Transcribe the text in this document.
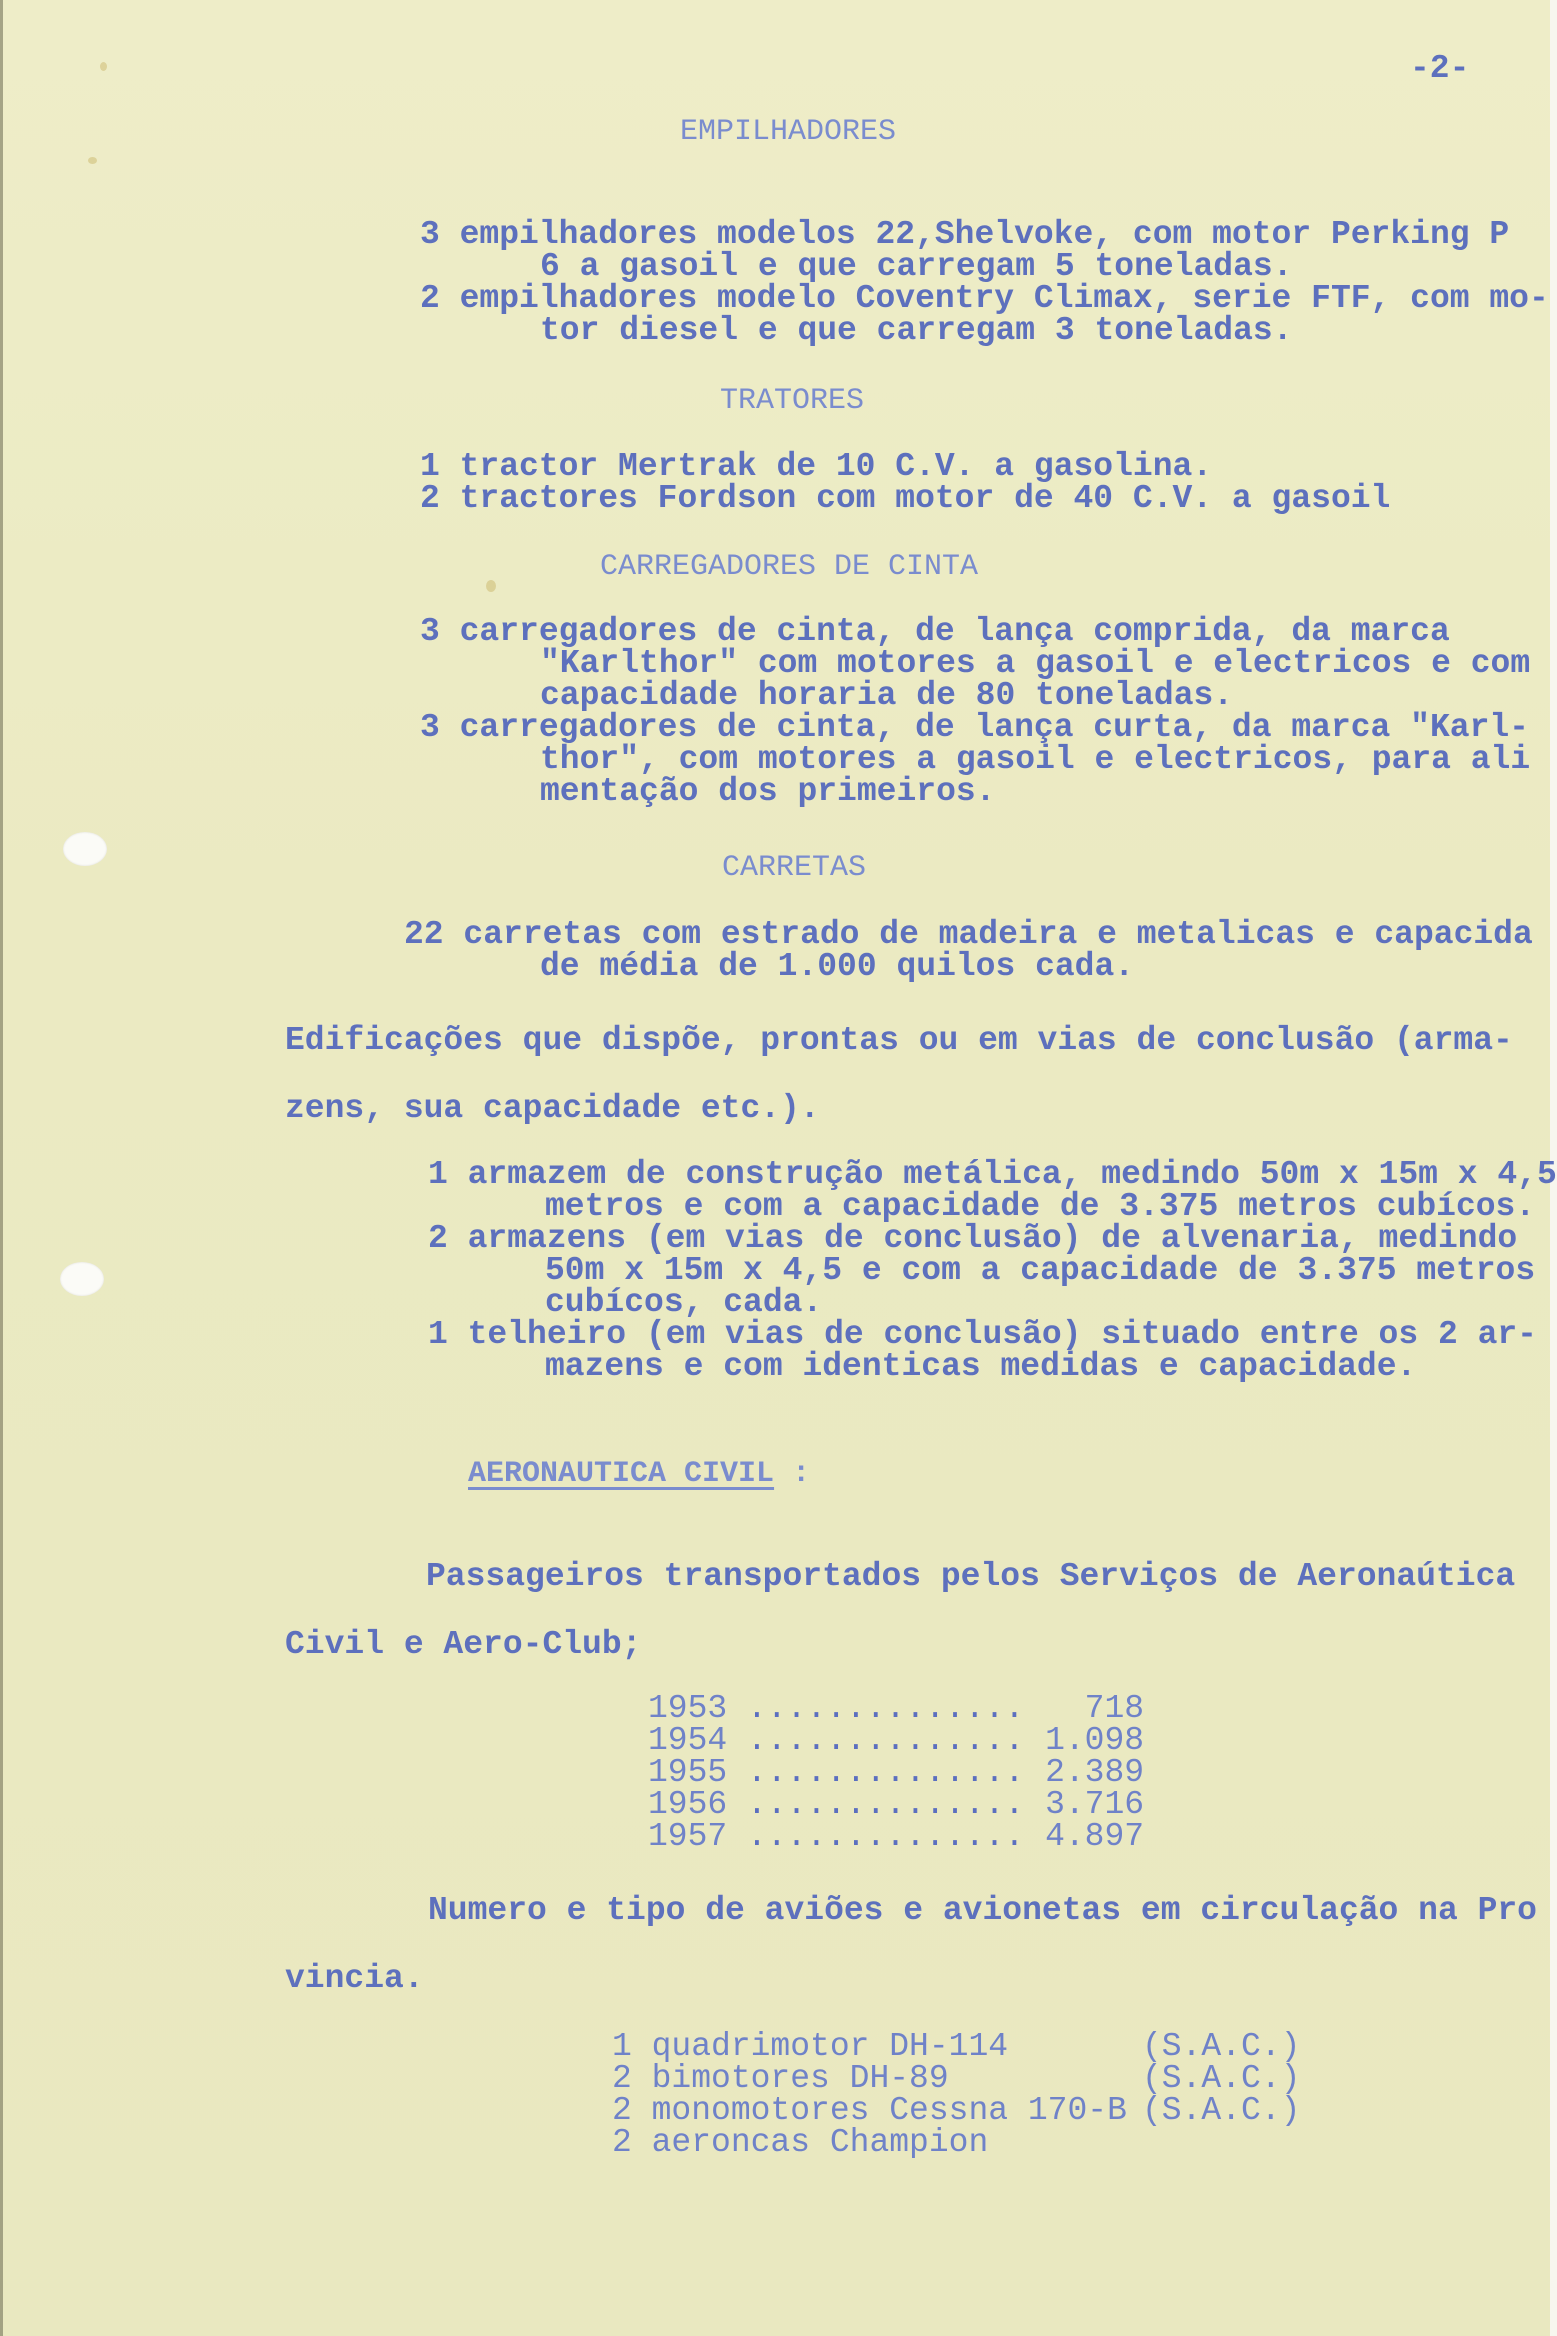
-2-

EMPILHADORES

3 empilhadores modelos 22,Shelvoke, com motor Perking P

6 a gasoil e que carregam 5 toneladas.

2 empilhadores modelo Coventry Climax, serie FTF, com mo-

tor diesel e que carregam 3 toneladas.

TRATORES

1 tractor Mertrak de 10 C.V. a gasolina.

2 tractores Fordson com motor de 40 C.V. a gasoil

CARREGADORES DE CINTA

3 carregadores de cinta, de lança comprida, da marca

"Karlthor" com motores a gasoil e electricos e com

capacidade horaria de 80 toneladas.

3 carregadores de cinta, de lança curta, da marca "Karl-

thor", com motores a gasoil e electricos, para ali

mentação dos primeiros.

CARRETAS

22 carretas com estrado de madeira e metalicas e capacida

de média de 1.000 quilos cada.

Edificações que dispõe, prontas ou em vias de conclusão (arma-

zens, sua capacidade etc.).

1 armazem de construção metálica, medindo 50m x 15m x 4,5

metros e com a capacidade de 3.375 metros cubícos.

2 armazens (em vias de conclusão) de alvenaria, medindo

50m x 15m x 4,5 e com a capacidade de 3.375 metros

cubícos, cada.

1 telheiro (em vias de conclusão) situado entre os 2 ar-

mazens e com identicas medidas e capacidade.

AERONAUTICA CIVIL :

Passageiros transportados pelos Serviços de Aeronaútica

Civil e Aero-Club;

1953 .............. 718

1954 .............. 1.098

1955 .............. 2.389

1956 .............. 3.716

1957 .............. 4.897

Numero e tipo de aviões e avionetas em circulação na Pro

vincia.

1 quadrimotor DH-114	(S.A.C.)

2 bimotores DH-89	(S.A.C.)

2 monomotores Cessna 170-B (S.A.C.)

2 aeroncas Champion
